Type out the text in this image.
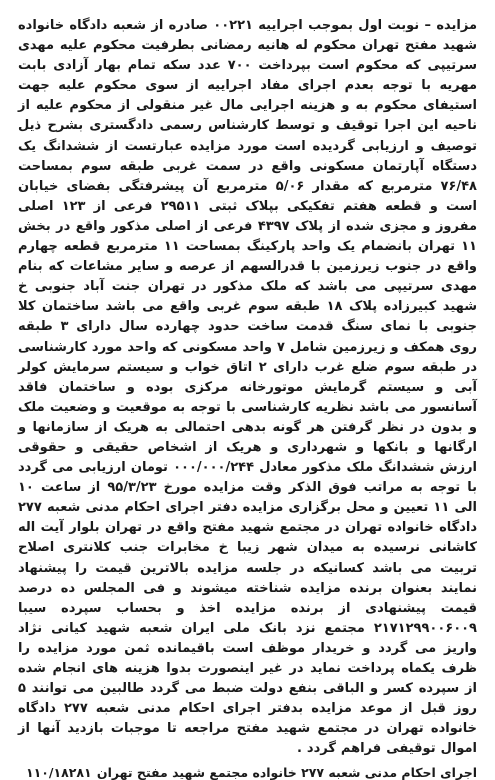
مزایده – نوبت اول بموجب اجراییه ۰۰۲۲۱ صادره از شعبه دادگاه خانواده شهید مفتح تهران محکوم له هانیه رمضانی بطرفیت محکوم علیه مهدی سرتیپی که محکوم است بپرداخت ۷۰۰ عدد سکه تمام بهار آزادی بابت مهریه با توجه بعدم اجرای مفاد اجراییه از سوی محکوم علیه جهت استیفای محکوم به و هزینه اجرایی مال غیر منقولی از محکوم علیه از ناحیه این اجرا توقیف و توسط کارشناس رسمی دادگستری بشرح ذیل توصیف و ارزیابی گردیده است مورد مزایده عبارتست از ششدانگ یک دستگاه آپارتمان مسکونی واقع در سمت غربی طبقه سوم بمساحت ۷۶/۴۸ مترمربع که مقدار ۵/۰۶ مترمربع آن پیشرفتگی بفضای خیابان است و قطعه هفتم تفکیکی بپلاک ثبتی ۲۹۵۱۱ فرعی از ۱۲۳ اصلی مفروز و مجزی شده از پلاک ۴۳۹۷ فرعی از اصلی مذکور واقع در بخش ۱۱ تهران بانضمام یک واحد پارکینگ بمساحت ۱۱ مترمربع قطعه چهارم واقع در جنوب زیرزمین با قدرالسهم از عرصه و سایر مشاعات که بنام مهدی سرتیپی می باشد که ملک مذکور در تهران جنت آباد جنوبی خ شهید کبیرزاده پلاک ۱۸ طبقه سوم غربی واقع می باشد ساختمان کلا جنوبی با نمای سنگ قدمت ساخت حدود چهارده سال دارای ۳ طبقه روی همکف و زیرزمین شامل ۷ واحد مسکونی که واحد مورد کارشناسی در طبقه سوم ضلع غرب دارای ۲ اتاق خواب و سیستم سرمایش کولر آبی و سیستم گرمایش موتورخانه مرکزی بوده و ساختمان فاقد آسانسور می باشد نظریه کارشناسی با توجه به موقعیت و وضعیت ملک و بدون در نظر گرفتن هر گونه بدهی احتمالی به هریک از سازمانها و ارگانها و بانکها و شهرداری و هریک از اشخاص حقیقی و حقوقی ارزش ششدانگ ملک مذکور معادل ۰۰۰/۰۰۰/۲۴۴ تومان ارزیابی می گردد با توجه به مراتب فوق الذکر وقت مزایده مورخ ۹۵/۳/۲۳ از ساعت ۱۰ الی ۱۱ تعیین و محل برگزاری مزایده دفتر اجرای احکام مدنی شعبه ۲۷۷ دادگاه خانواده تهران در مجتمع شهید مفتح واقع در تهران بلوار آیت اله کاشانی نرسیده به میدان شهر زیبا خ مخابرات جنب کلانتری اصلاح تربیت می باشد کسانیکه در جلسه مزایده بالاترین قیمت را پیشنهاد نمایند بعنوان برنده مزایده شناخته میشوند و فی المجلس ده درصد قیمت پیشنهادی از برنده مزایده اخذ و بحساب سپرده سیبا ۲۱۷۱۲۹۹۰۰۶۰۰۹ مجتمع نزد بانک ملی ایران شعبه شهید کیانی نژاد واریز می گردد و خریدار موظف است باقیمانده ثمن مورد مزایده را ظرف یکماه پرداخت نماید در غیر اینصورت بدوا هزینه های انجام شده از سپرده کسر و الباقی بنفع دولت ضبط می گردد طالبین می توانند ۵ روز قبل از موعد مزایده بدفتر اجرای احکام مدنی شعبه ۲۷۷ دادگاه خانواده تهران در مجتمع شهید مفتح مراجعه تا موجبات بازدید آنها از اموال توقیفی فراهم گردد .

اجرای احکام مدنی شعبه ۲۷۷ خانواده مجتمع شهید مفتح تهران
۱۱۰/۱۸۲۸۱
